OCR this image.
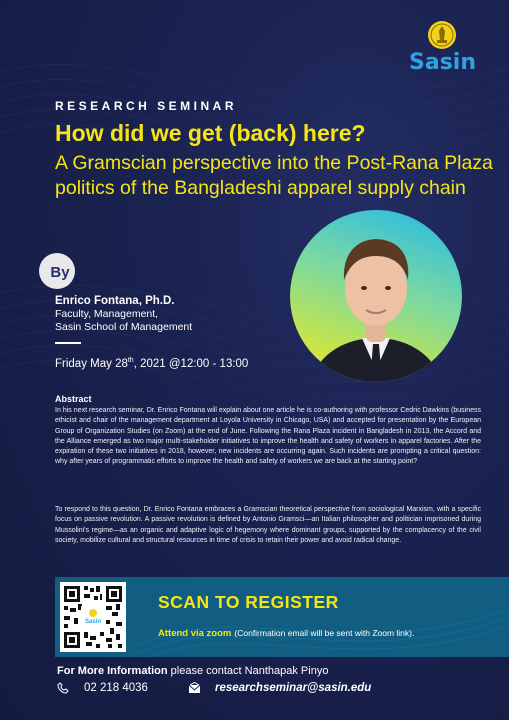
Sasin
RESEARCH SEMINAR
How did we get (back) here?
A Gramscian perspective into the Post-Rana Plaza politics of the Bangladeshi apparel supply chain
By
Enrico Fontana, Ph.D.
Faculty, Management,
Sasin School of Management
Friday May 28th, 2021 @12:00 - 13:00
Abstract
In his next research seminar, Dr. Enrico Fontana will explain about one article he is co-authoring with professor Cedric Dawkins (business ethicist and chair of the management department at Loyola University in Chicago, USA) and accepted for presentation by the European Group of Organization Studies (on Zoom) at the end of June. Following the Rana Plaza incident in Bangladesh in 2013, the Accord and the Alliance emerged as two major multi-stakeholder initiatives to improve the health and safety of workers in apparel factories. After the expiration of these two initiatives in 2018, however, new incidents are occurring again. Such incidents are prompting a critical question: why after years of programmatic efforts to improve the health and safety of workers we are back at the starting point?
To respond to this question, Dr. Enrico Fontana embraces a Gramscian theoretical perspective from sociological Marxism, with a specific focus on passive revolution. A passive revolution is defined by Antonio Gramsci—an Italian philosopher and politician imprisoned during Mussolini's regime—as an organic and adaptive logic of hegemony where dominant groups, supported by the complacency of the civil society, mobilize cultural and structural resources in time of crisis to retain their power and avoid radical change.
Sasin
SCAN TO REGISTER
Attend via zoom (Confirmation email will be sent with Zoom link).
For More Information please contact Nanthapak Pinyo
02 218 4036	researchseminar@sasin.edu
